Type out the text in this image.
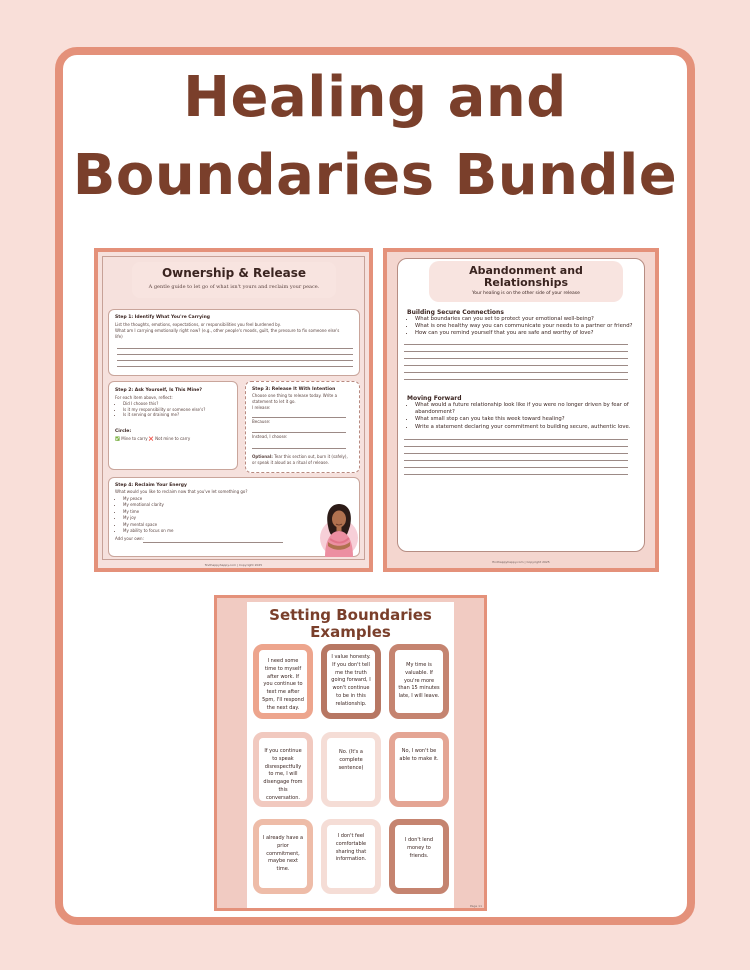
Healing and
Boundaries Bundle
Ownership & Release
A gentle guide to let go of what isn't yours and reclaim your peace.
Step 1: Identify What You're Carrying
List the thoughts, emotions, expectations, or responsibilities you feel burdened by.
What am I carrying emotionally right now? (e.g., other people's moods, guilt, the pressure to fix someone else's life)
Step 2: Ask Yourself, Is This Mine?
For each item above, reflect:
• Did I choose this?
• Is it my responsibility or someone else's?
• Is it serving or draining me?
Circle:
✅ Mine to carry ❌ Not mine to carry
Step 3: Release It With Intention
Choose one thing to release today. Write a statement to let it go.
I release:
Because:
Instead, I choose:
Optional: Tear this section out, burn it (safely), or speak it aloud as a ritual of release.
Step 4: Reclaim Your Energy
What would you like to reclaim now that you've let something go?
• My peace
• My emotional clarity
• My time
• My joy
• My mental space
• My ability to focus on me
Add your own:
findhappyhappy.com | Copyright 2025
Abandonment and
Relationships
Your healing is on the other side of your release
Building Secure Connections
• What boundaries can you set to protect your emotional well-being?
• What is one healthy way you can communicate your needs to a partner or friend?
• How can you remind yourself that you are safe and worthy of love?
Moving Forward
• What would a future relationship look like if you were no longer driven by fear of abandonment?
• What small step can you take this week toward healing?
• Write a statement declaring your commitment to building secure, authentic love.
findhappyhappy.com | Copyright 2025
Setting Boundaries
Examples
I need some time to myself after work. If you continue to text me after 5pm, I'll respond the next day.
I value honesty. If you don't tell me the truth going forward, I won't continue to be in this relationship.
My time is valuable. If you're more than 15 minutes late, I will leave.
If you continue to speak disrespectfully to me, I will disengage from this conversation.
No. (It's a complete sentence)
No, I won't be able to make it.
I already have a prior commitment, maybe next time.
I don't feel comfortable sharing that information.
I don't lend money to friends.
Page 11
